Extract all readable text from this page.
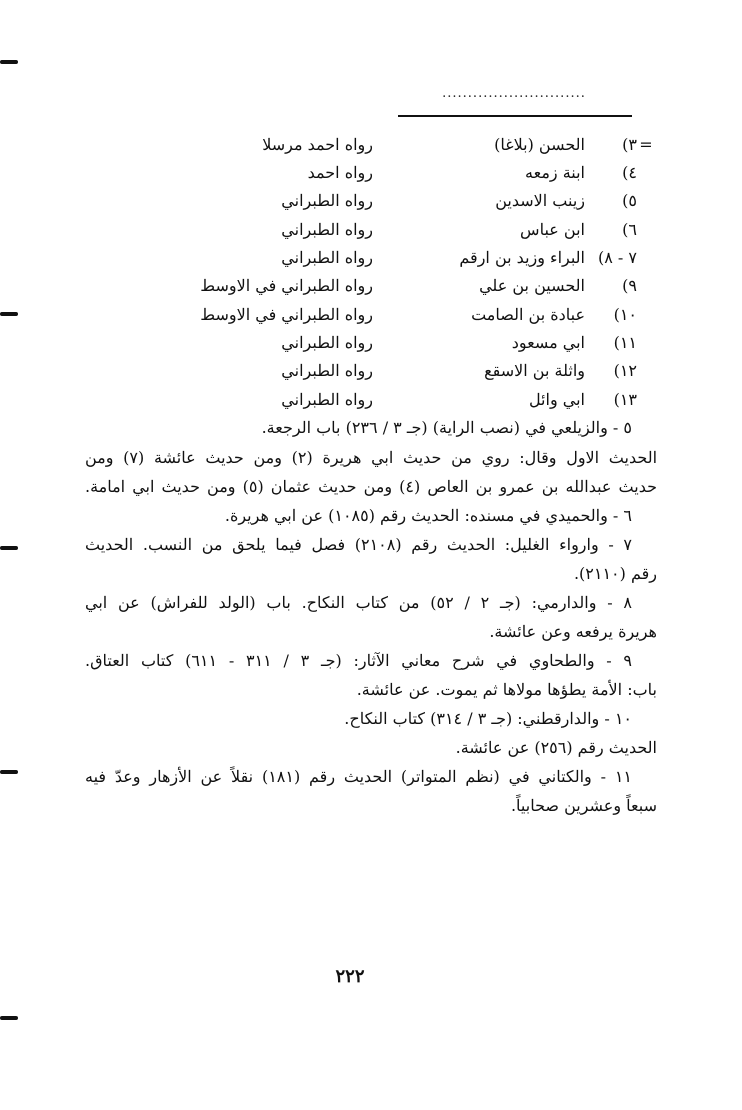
............................
=
٣)
الحسن (بلاغا)
رواه احمد مرسلا
٤)
ابنة زمعه
رواه احمد
٥)
زينب الاسدين
رواه الطبراني
٦)
ابن عباس
رواه الطبراني
٧ - ٨)
البراء وزيد بن ارقم
رواه الطبراني
٩)
الحسين بن علي
رواه الطبراني في الاوسط
١٠)
عبادة بن الصامت
رواه الطبراني في الاوسط
١١)
ابي مسعود
رواه الطبراني
١٢)
واثلة بن الاسقع
رواه الطبراني
١٣)
ابي وائل
رواه الطبراني
٥ - والزيلعي في (نصب الراية) (جـ ٣ / ٢٣٦) باب الرجعة.
الحديث الاول وقال: روي من حديث ابي هريرة (٢) ومن حديث عائشة (٧) ومن
حديث عبدالله بن عمرو بن العاص (٤) ومن حديث عثمان (٥) ومن حديث ابي امامة.
٦ - والحميدي في مسنده: الحديث رقم (١٠٨٥) عن ابي هريرة.
٧ - وارواء الغليل: الحديث رقم (٢١٠٨) فصل فيما يلحق من النسب. الحديث
رقم (٢١١٠).
٨ - والدارمي: (جـ ٢ / ٥٢) من كتاب النكاح. باب (الولد للفراش) عن ابي
هريرة يرفعه وعن عائشة.
٩ - والطحاوي في شرح معاني الآثار: (جـ ٣ / ٣١١ - ٦١١) كتاب العتاق.
باب: الأمة يطؤها مولاها ثم يموت. عن عائشة.
١٠ - والدارقطني: (جـ ٣ / ٣١٤) كتاب النكاح.
الحديث رقم (٢٥٦) عن عائشة.
١١ - والكتاني في (نظم المتواتر) الحديث رقم (١٨١) نقلاً عن الأزهار وعدّ فيه
سبعاً وعشرين صحابياً.
٢٢٢
